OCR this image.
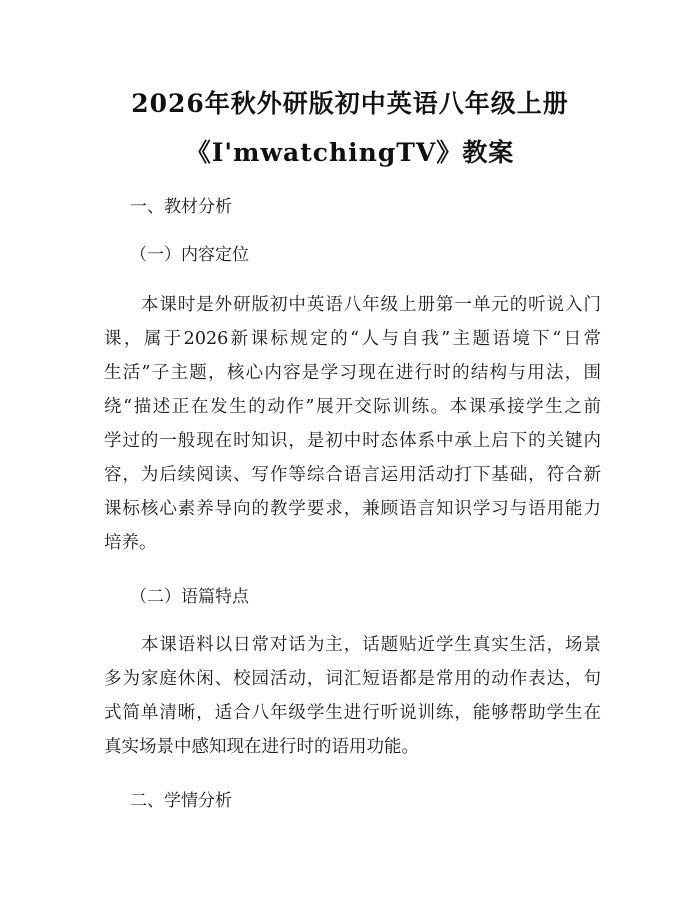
2026年秋外研版初中英语八年级上册
《I'mwatchingTV》教案
一、教材分析
（一）内容定位
　　本课时是外研版初中英语八年级上册第一单元的听说入门
课，属于2026新课标规定的“人与自我”主题语境下“日常
生活”子主题，核心内容是学习现在进行时的结构与用法，围
绕“描述正在发生的动作”展开交际训练。本课承接学生之前
学过的一般现在时知识，是初中时态体系中承上启下的关键内
容，为后续阅读、写作等综合语言运用活动打下基础，符合新
课标核心素养导向的教学要求，兼顾语言知识学习与语用能力
培养。
（二）语篇特点
　　本课语料以日常对话为主，话题贴近学生真实生活，场景
多为家庭休闲、校园活动，词汇短语都是常用的动作表达，句
式简单清晰，适合八年级学生进行听说训练，能够帮助学生在
真实场景中感知现在进行时的语用功能。
二、学情分析
